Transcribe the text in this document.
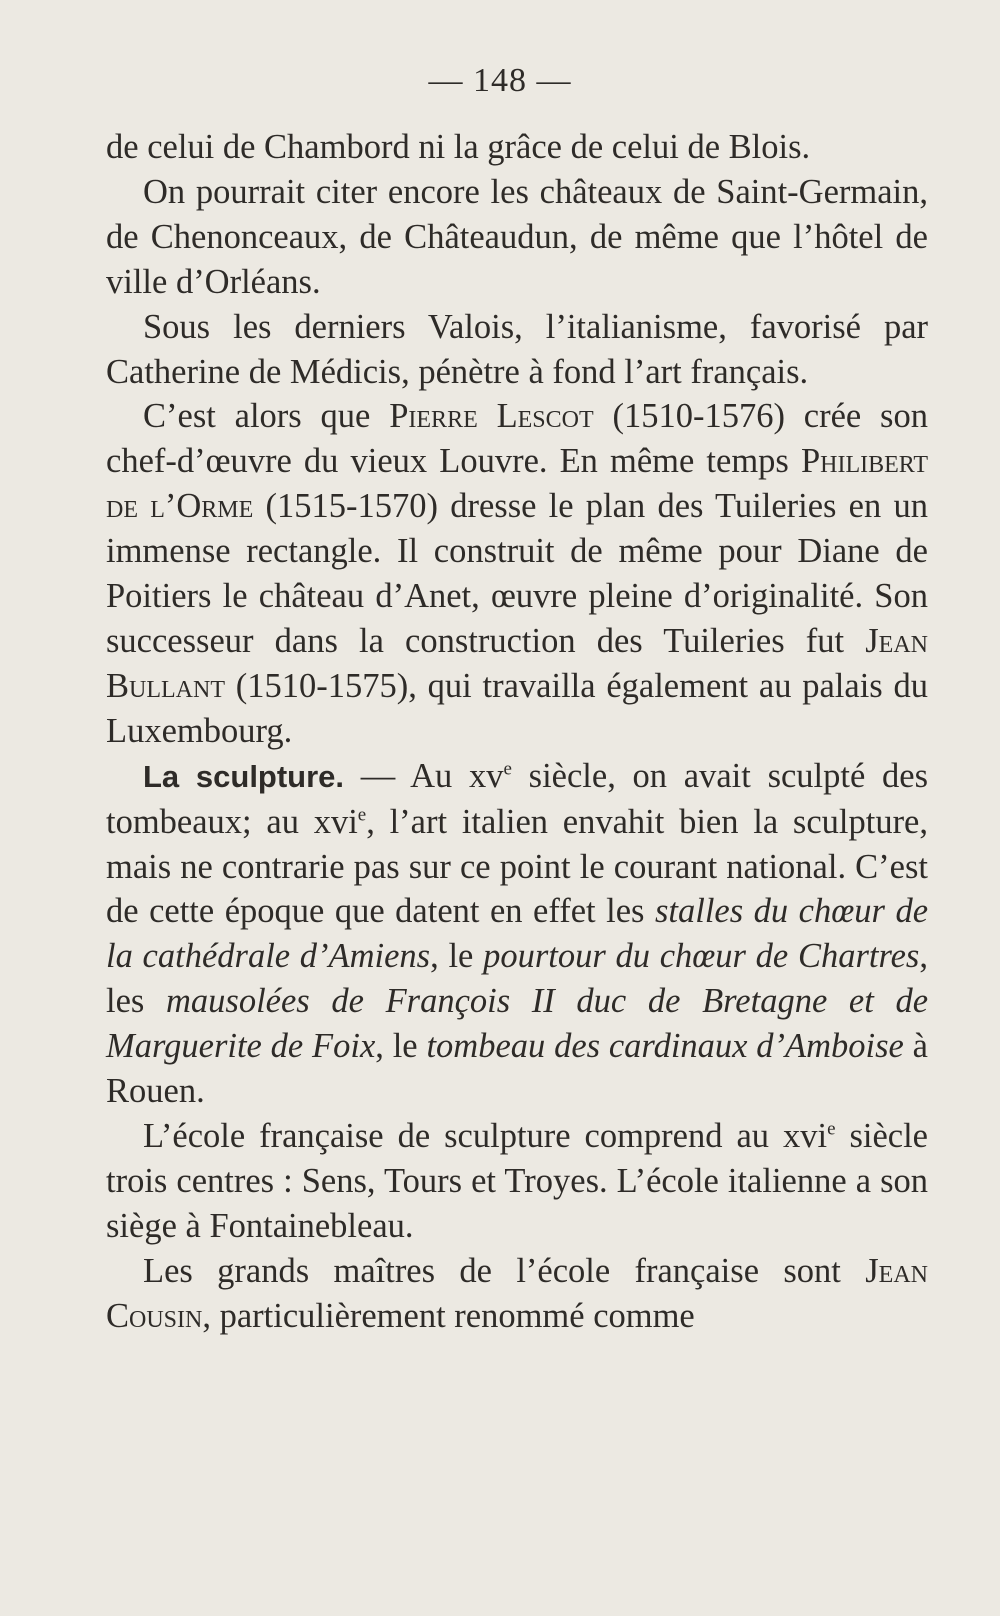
— 148 —

de celui de Chambord ni la grâce de celui de Blois.

On pourrait citer encore les châteaux de Saint-Germain, de Chenonceaux, de Châteaudun, de même que l’hôtel de ville d’Orléans.

Sous les derniers Valois, l’italianisme, favorisé par Catherine de Médicis, pénètre à fond l’art français.

C’est alors que Pierre Lescot (1510-1576) crée son chef-d’œuvre du vieux Louvre. En même temps Philibert de l’Orme (1515-1570) dresse le plan des Tuileries en un immense rectangle. Il construit de même pour Diane de Poitiers le château d’Anet, œuvre pleine d’originalité. Son successeur dans la construction des Tuileries fut Jean Bullant (1510-1575), qui travailla également au palais du Luxembourg.

La sculpture. — Au $xv^e$ siècle, on avait sculpté des tombeaux; au xvi$^e$, l’art italien envahit bien la sculpture, mais ne contrarie pas sur ce point le courant national. C’est de cette époque que datent en effet les stalles du chœur de la cathédrale d’Amiens, le pourtour du chœur de Chartres, les mausolées de François II duc de Bretagne et de Marguerite de Foix, le tombeau des cardinaux d’Amboise à Rouen.

L’école française de sculpture comprend au xvi$^e$ siècle trois centres : Sens, Tours et Troyes. L’école italienne a son siège à Fontainebleau.

Les grands maîtres de l’école française sont Jean Cousin, particulièrement renommé comme
